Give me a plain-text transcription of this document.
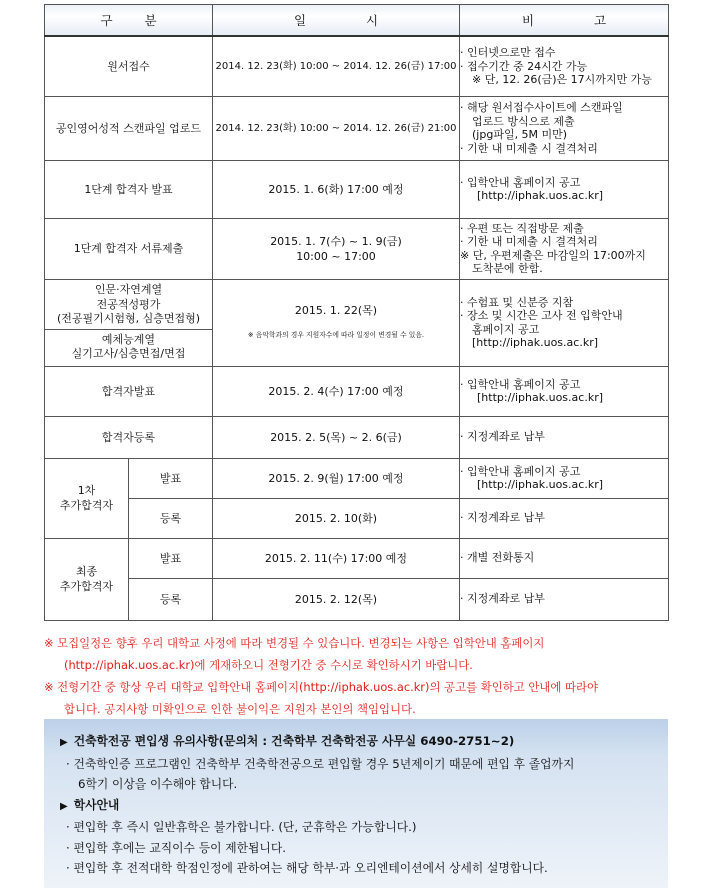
구 분		일 시	비 고
원서접수		2014. 12. 23(화) 10:00 ~ 2014. 12. 26(금) 17:00	· 인터넷으로만 접수
· 접수기간 중 24시간 가능
※ 단, 12. 26(금)은 17시까지만 가능

공인영어성적 스캔파일 업로드		2014. 12. 23(화) 10:00 ~ 2014. 12. 26(금) 21:00	· 해당 원서접수사이트에 스캔파일
업로드 방식으로 제출
(jpg파일, 5M 미만)
· 기한 내 미제출 시 결격처리

1단계 합격자 발표		2015. 1. 6(화) 17:00 예정	· 입학안내 홈페이지 공고
[http://iphak.uos.ac.kr]

1단계 합격자 서류제출		2015. 1. 7(수) ~ 1. 9(금)
10:00 ~ 17:00	· 우편 또는 직접방문 제출
· 기한 내 미제출 시 결격처리
※ 단, 우편제출은 마감일의 17:00까지
도착분에 한함.

인문·자연계열
전공적성평가
(전공필기시험형, 심층면접형)
예체능계열
실기고사/심층면접/면접		2015. 1. 22(목)
※ 음악학과의 경우 지원자수에 따라 일정이 변경될 수 있음.	· 수험표 및 신분증 지참
· 장소 및 시간은 고사 전 입학안내
홈페이지 공고
[http://iphak.uos.ac.kr]

합격자발표		2015. 2. 4(수) 17:00 예정	· 입학안내 홈페이지 공고
[http://iphak.uos.ac.kr]

합격자등록		2015. 2. 5(목) ~ 2. 6(금)	· 지정계좌로 납부

1차
추가합격자	발표	2015. 2. 9(월) 17:00 예정	· 입학안내 홈페이지 공고
[http://iphak.uos.ac.kr]

	등록	2015. 2. 10(화)	· 지정계좌로 납부

최종
추가합격자	발표	2015. 2. 11(수) 17:00 예정	· 개별 전화통지

	등록	2015. 2. 12(목)	· 지정계좌로 납부
※ 모집일정은 향후 우리 대학교 사정에 따라 변경될 수 있습니다. 변경되는 사항은 입학안내 홈페이지
(http://iphak.uos.ac.kr)에 게재하오니 전형기간 중 수시로 확인하시기 바랍니다.
※ 전형기간 중 항상 우리 대학교 입학안내 홈페이지(http://iphak.uos.ac.kr)의 공고를 확인하고 안내에 따라야
합니다. 공지사항 미확인으로 인한 불이익은 지원자 본인의 책임입니다.
▶ 건축학전공 편입생 유의사항(문의처 : 건축학부 건축학전공 사무실 6490-2751~2)
· 건축학인증 프로그램인 건축학부 건축학전공으로 편입할 경우 5년제이기 때문에 편입 후 졸업까지
6학기 이상을 이수해야 합니다.
▶ 학사안내
· 편입학 후 즉시 일반휴학은 불가합니다. (단, 군휴학은 가능합니다.)
· 편입학 후에는 교직이수 등이 제한됩니다.
· 편입학 후 전적대학 학점인정에 관하여는 해당 학부·과 오리엔테이션에서 상세히 설명합니다.
